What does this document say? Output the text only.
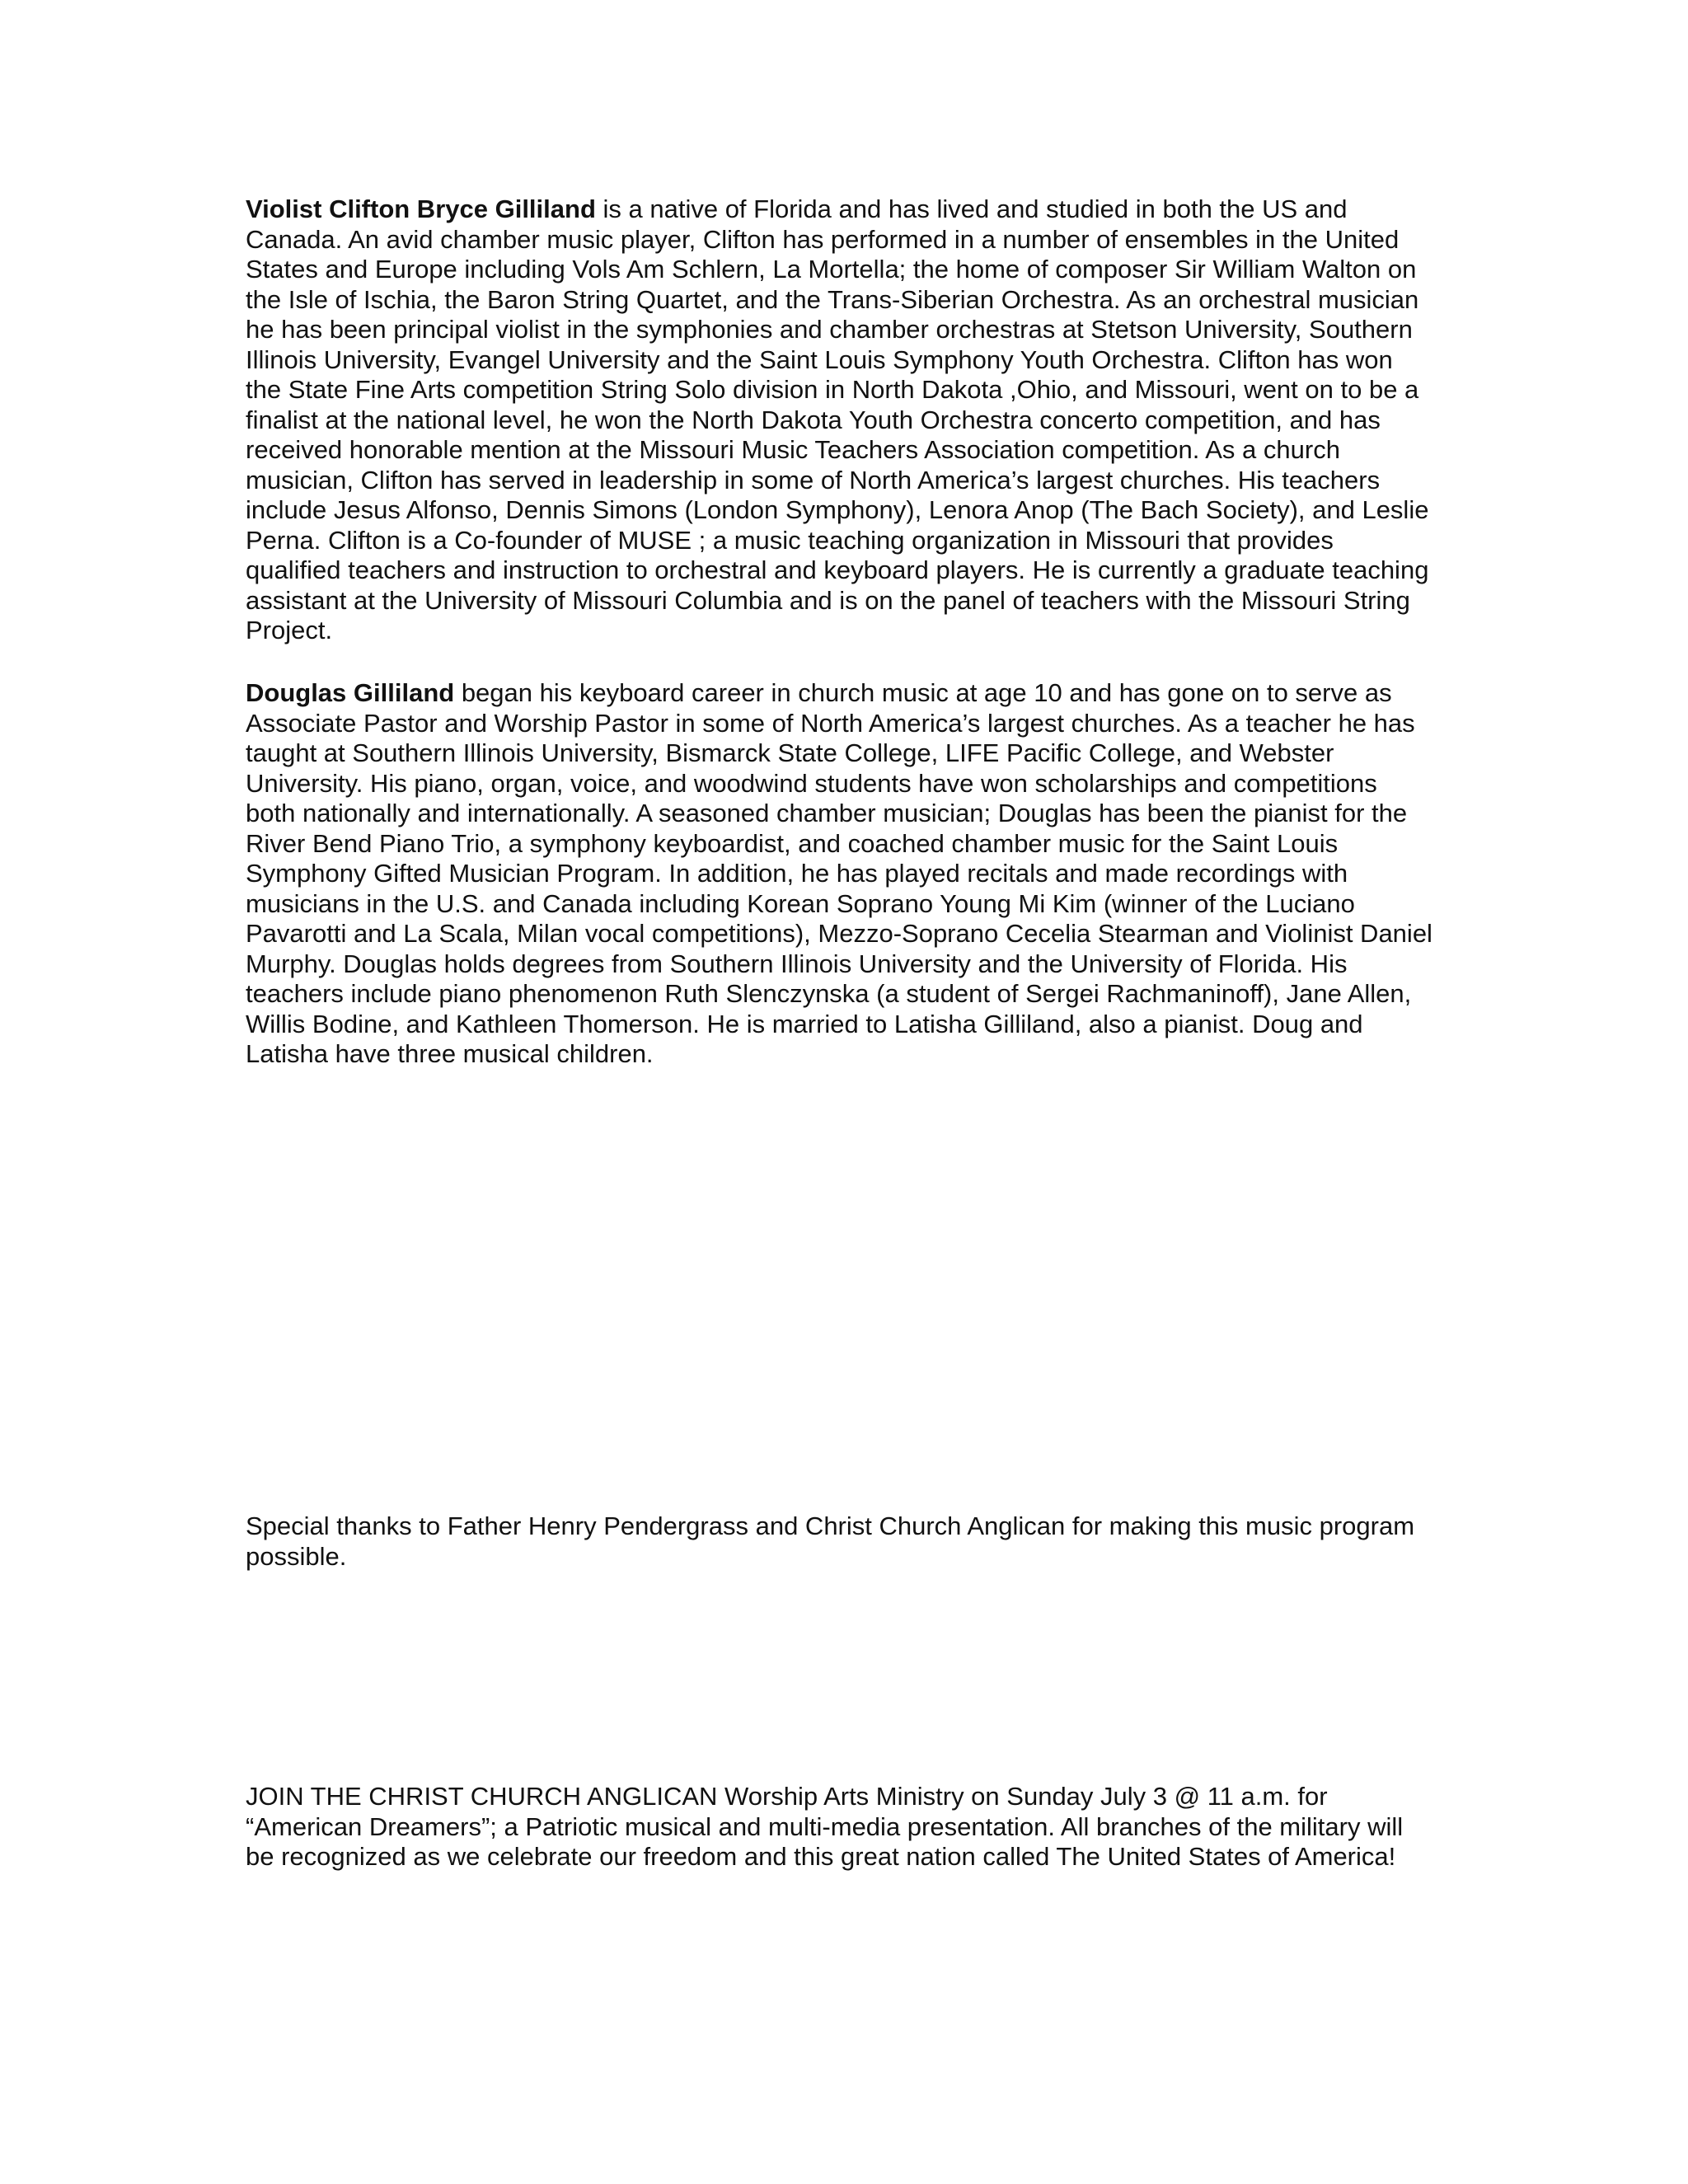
Violist Clifton Bryce Gilliland is a native of Florida and has lived and studied in both the US and Canada. An avid chamber music player, Clifton has performed in a number of ensembles in the United States and Europe including Vols Am Schlern, La Mortella; the home of composer Sir William Walton on the Isle of Ischia, the Baron String Quartet, and the Trans-Siberian Orchestra. As an orchestral musician he has been principal violist in the symphonies and chamber orchestras at Stetson University, Southern Illinois University, Evangel University and the Saint Louis Symphony Youth Orchestra. Clifton has won the State Fine Arts competition String Solo division in North Dakota ,Ohio, and Missouri, went on to be a finalist at the national level, he won the North Dakota Youth Orchestra concerto competition, and has received honorable mention at the Missouri Music Teachers Association competition. As a church musician, Clifton has served in leadership in some of North America’s largest churches. His teachers include Jesus Alfonso, Dennis Simons (London Symphony), Lenora Anop (The Bach Society), and Leslie Perna. Clifton is a Co-founder of MUSE ; a music teaching organization in Missouri that provides qualified teachers and instruction to orchestral and keyboard players. He is currently a graduate teaching assistant at the University of Missouri Columbia and is on the panel of teachers with the Missouri String Project.

Douglas Gilliland began his keyboard career in church music at age 10 and has gone on to serve as Associate Pastor and Worship Pastor in some of North America’s largest churches. As a teacher he has taught at Southern Illinois University, Bismarck State College, LIFE Pacific College, and Webster University. His piano, organ, voice, and woodwind students have won scholarships and competitions both nationally and internationally. A seasoned chamber musician; Douglas has been the pianist for the River Bend Piano Trio, a symphony keyboardist, and coached chamber music for the Saint Louis Symphony Gifted Musician Program. In addition, he has played recitals and made recordings with musicians in the U.S. and Canada including Korean Soprano Young Mi Kim (winner of the Luciano Pavarotti and La Scala, Milan vocal competitions), Mezzo-Soprano Cecelia Stearman and Violinist Daniel Murphy. Douglas holds degrees from Southern Illinois University and the University of Florida. His teachers include piano phenomenon Ruth Slenczynska (a student of Sergei Rachmaninoff), Jane Allen, Willis Bodine, and Kathleen Thomerson. He is married to Latisha Gilliland, also a pianist. Doug and Latisha have three musical children.

Special thanks to Father Henry Pendergrass and Christ Church Anglican for making this music program possible.

JOIN THE CHRIST CHURCH ANGLICAN Worship Arts Ministry on Sunday July 3 @ 11 a.m. for “American Dreamers”; a Patriotic musical and multi-media presentation. All branches of the military will be recognized as we celebrate our freedom and this great nation called The United States of America!
